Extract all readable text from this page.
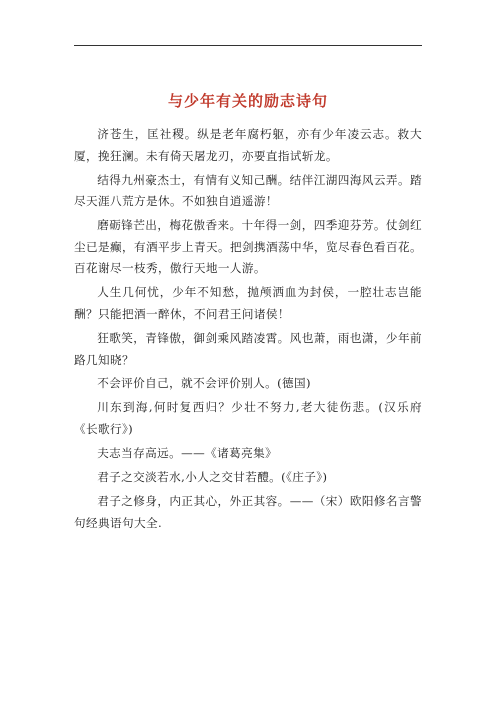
与少年有关的励志诗句

济苍生，匡社稷。纵是老年腐朽躯，亦有少年凌云志。救大厦，挽狂澜。未有倚天屠龙刃，亦要直指试斩龙。

结得九州豪杰士，有情有义知己酬。结伴江湖四海风云弄。踏尽天涯八荒方是休。不如独自逍遥游！

磨砺锋芒出，梅花傲香来。十年得一剑，四季迎芬芳。仗剑红尘已是癫，有酒平步上青天。把剑携酒荡中华，览尽春色看百花。百花谢尽一枝秀，傲行天地一人游。

人生几何忧，少年不知愁，抛颅洒血为封侯，一腔壮志岂能酬？只能把酒一醉休，不问君王问诸侯！

狂歌笑，青锋傲，御剑乘风踏凌霄。风也萧，雨也潇，少年前路几知晓？

不会评价自己，就不会评价别人。(德国)

川东到海,何时复西归？少壮不努力,老大徒伤悲。(汉乐府《长歌行》)

夫志当存高远。——《诸葛亮集》

君子之交淡若水,小人之交甘若醴。(《庄子》)

君子之修身，内正其心，外正其容。——（宋）欧阳修名言警句经典语句大全.
